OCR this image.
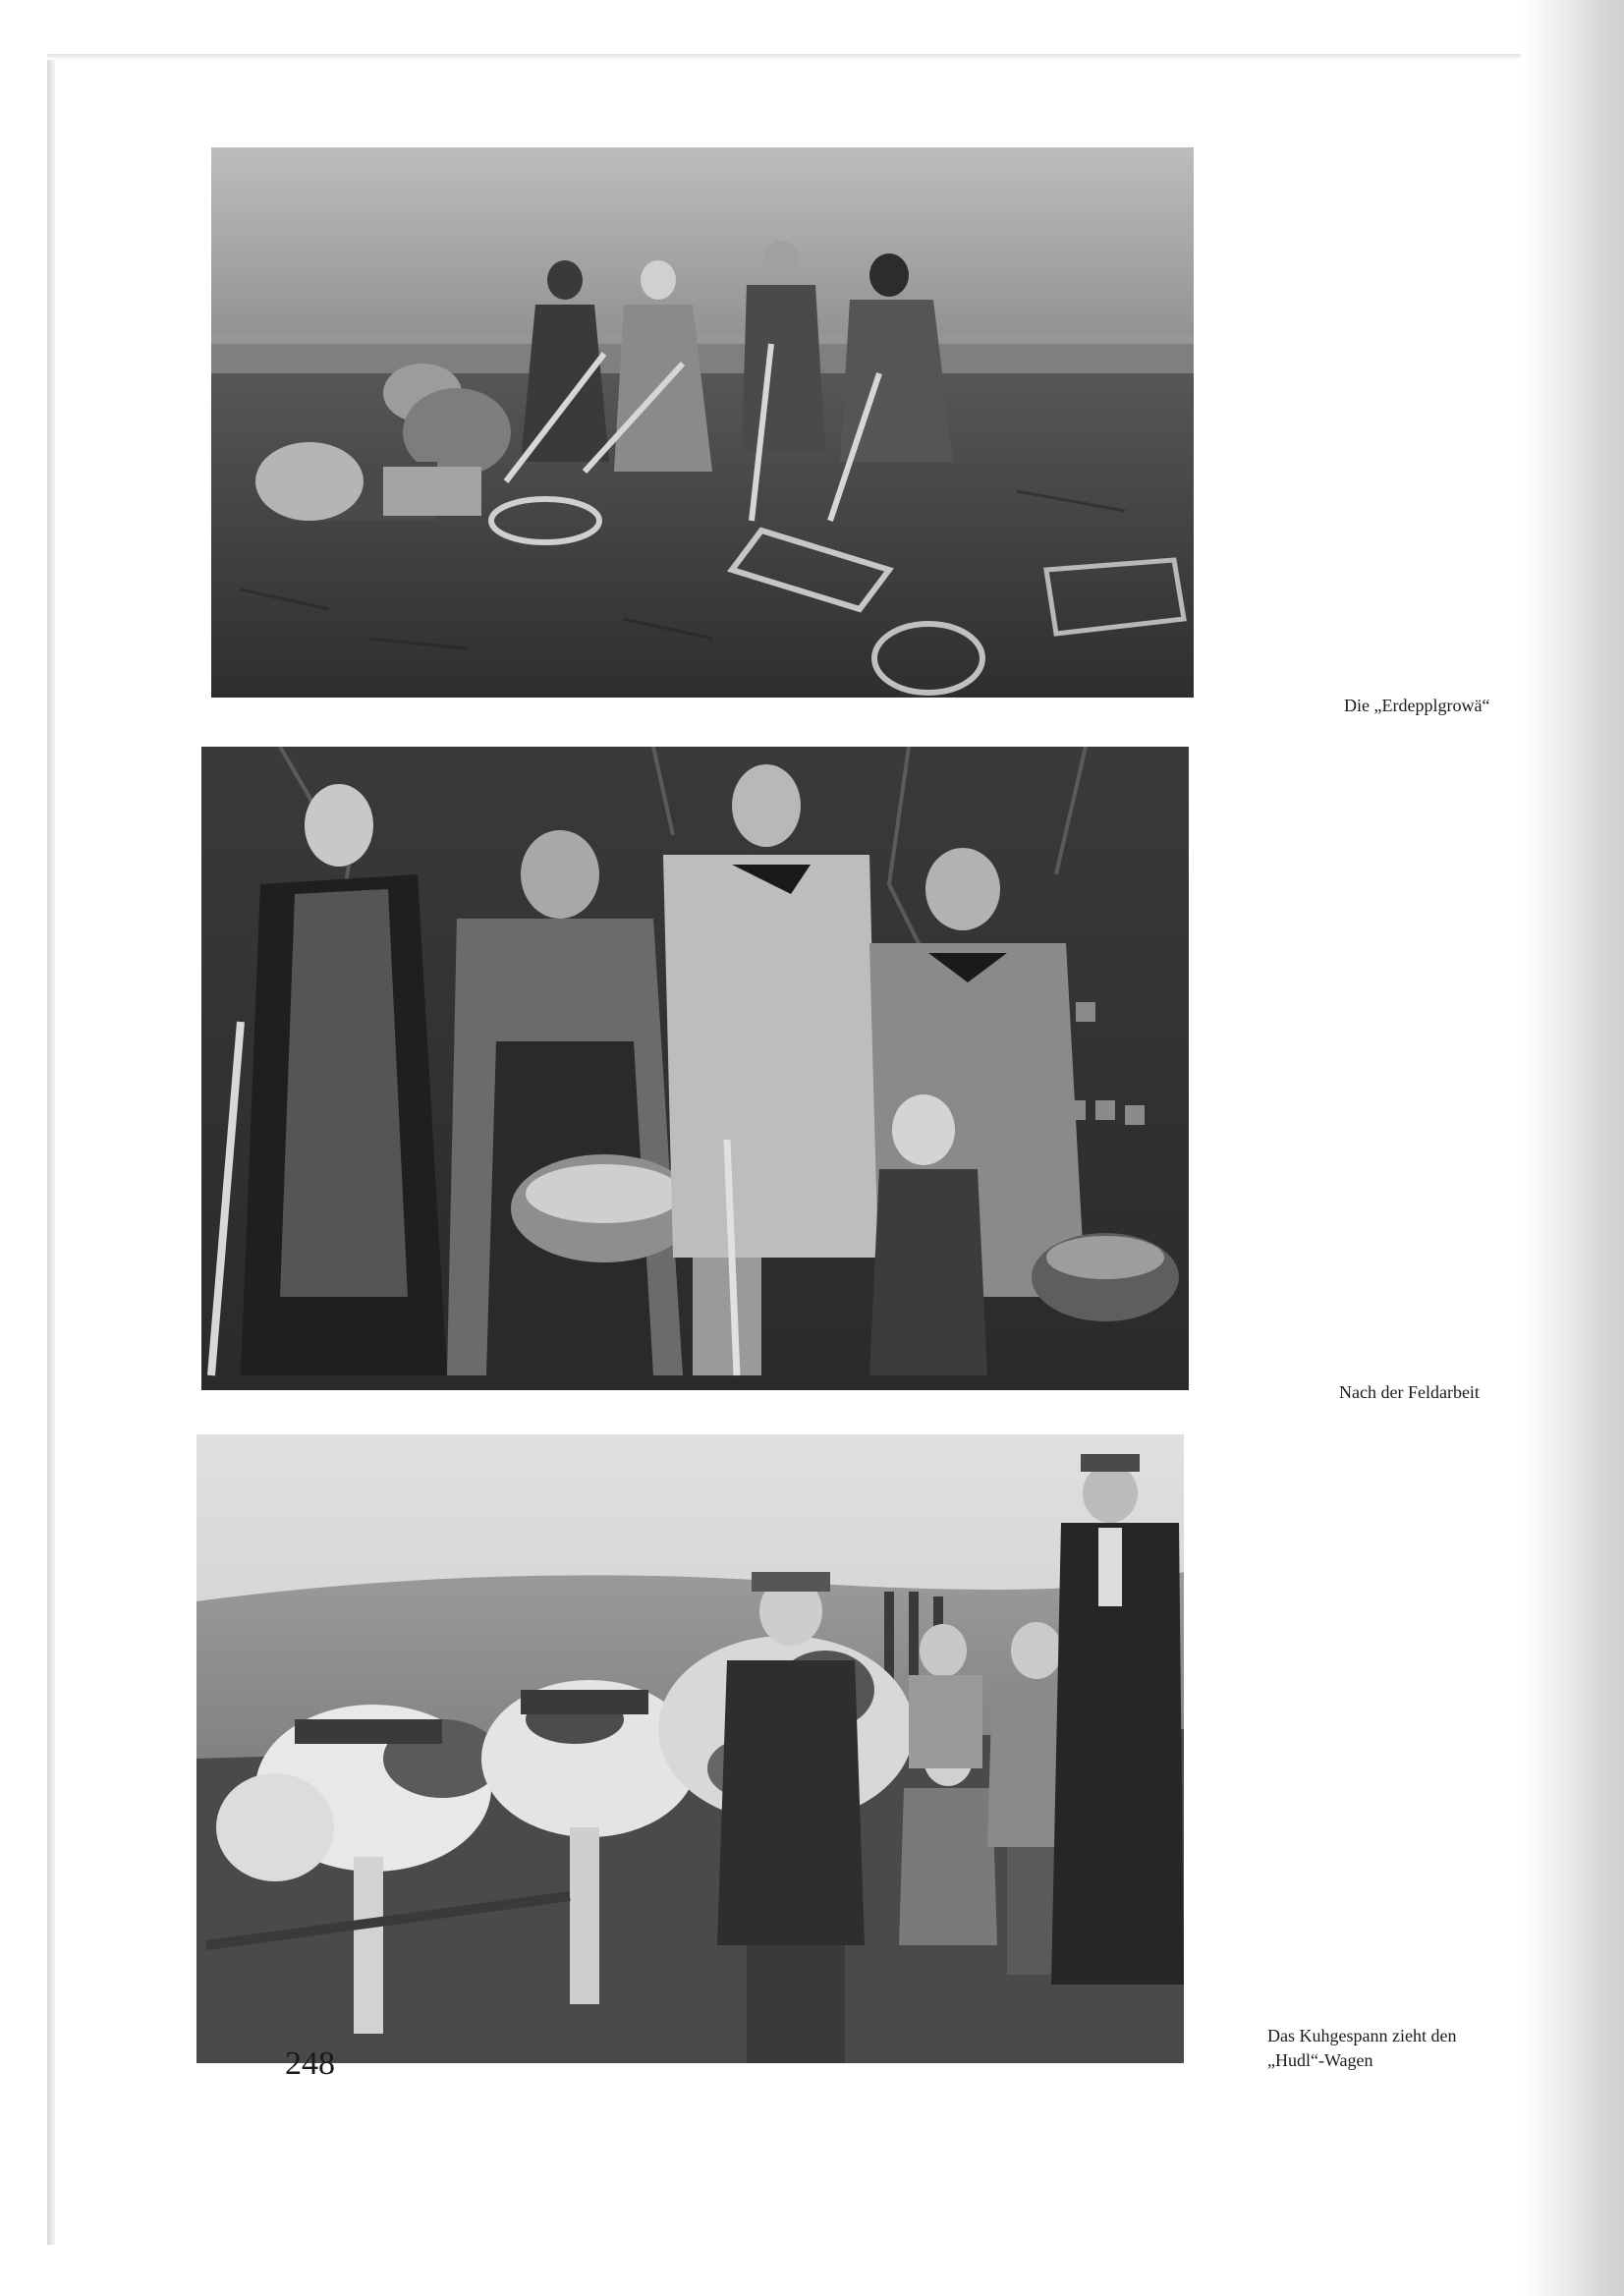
Die „Erdepplgrowä“
Nach der Feldarbeit
Das Kuhgespann zieht den
„Hudl“-Wagen
248
